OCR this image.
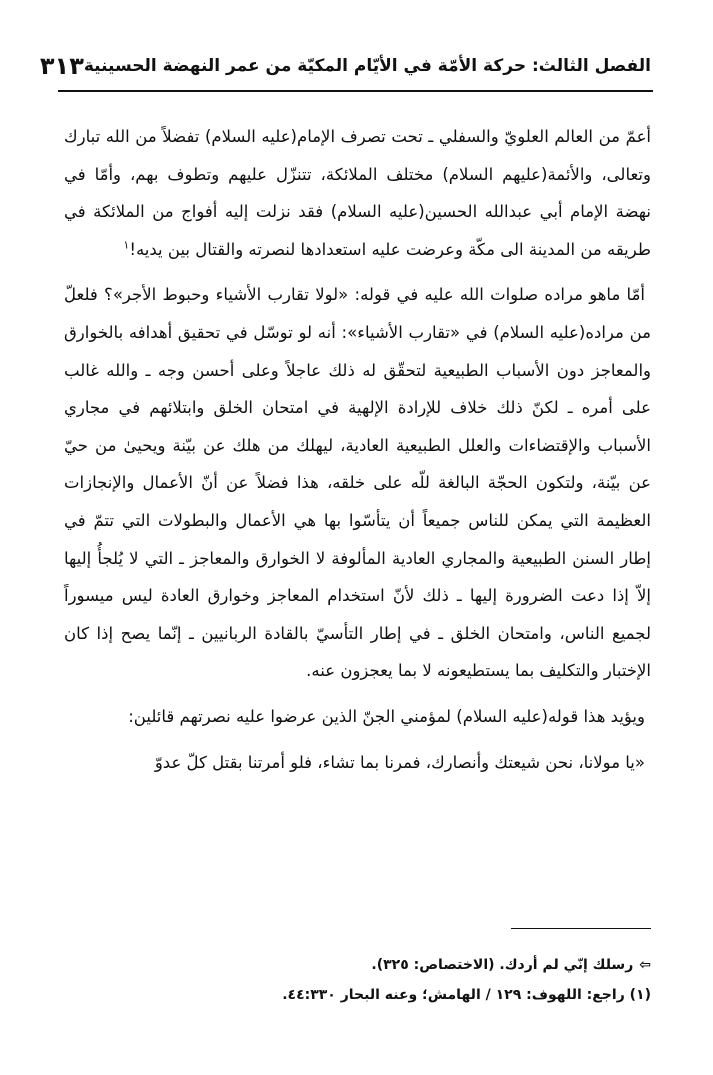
الفصل الثالث: حركة الأمّة في الأيّام المكيّة من عمر النهضة الحسينية
٣١٣

أعمّ من العالم العلويّ والسفلي ـ تحت تصرف الإمام(عليه السلام) تفضلاً من الله تبارك وتعالى، والأئمة(عليهم السلام) مختلف الملائكة، تتنزّل عليهم وتطوف بهم، وأمّا في نهضة الإمام أبي عبدالله الحسين(عليه السلام) فقد نزلت إليه أفواج من الملائكة في طريقه من المدينة الى مكّة وعرضت عليه استعدادها لنصرته والقتال بين يديه!$^١$

أمّا ماهو مراده صلوات الله عليه في قوله: «لولا تقارب الأشياء وحبوط الأجر»؟ فلعلّ من مراده(عليه السلام) في «تقارب الأشياء»: أنه لو توسّل في تحقيق أهدافه بالخوارق والمعاجز دون الأسباب الطبيعية لتحقّق له ذلك عاجلاً وعلى أحسن وجه ـ والله غالب على أمره ـ لكنّ ذلك خلاف للإرادة الإلهية في امتحان الخلق وابتلائهم في مجاري الأسباب والإقتضاءات والعلل الطبيعية العادية، ليهلك من هلك عن بيّنة ويحيىٰ من حيّ عن بيّنة، ولتكون الحجّة البالغة للّه على خلقه، هذا فضلاً عن أنّ الأعمال والإنجازات العظيمة التي يمكن للناس جميعاً أن يتأسّوا بها هي الأعمال والبطولات التي تتمّ في إطار السنن الطبيعية والمجاري العادية المألوفة لا الخوارق والمعاجز ـ التي لا يُلجأُ إليها إلاّ إذا دعت الضرورة إليها ـ ذلك لأنّ استخدام المعاجز وخوارق العادة ليس ميسوراً لجميع الناس، وامتحان الخلق ـ في إطار التأسيّ بالقادة الربانيين ـ إنّما يصح إذا كان الإختبار والتكليف بما يستطيعونه لا بما يعجزون عنه.

ويؤيد هذا قوله(عليه السلام) لمؤمني الجنّ الذين عرضوا عليه نصرتهم قائلين:

«يا مولانا، نحن شيعتك وأنصارك، فمرنا بما تشاء، فلو أمرتنا بقتل كلّ عدوّ

⇦رسلك إنّي لم أردك. (الاختصاص: ٣٢٥).
(١) راجع: اللهوف: ١٢٩ / الهامش؛ وعنه البحار ٤٤:٣٣٠.
